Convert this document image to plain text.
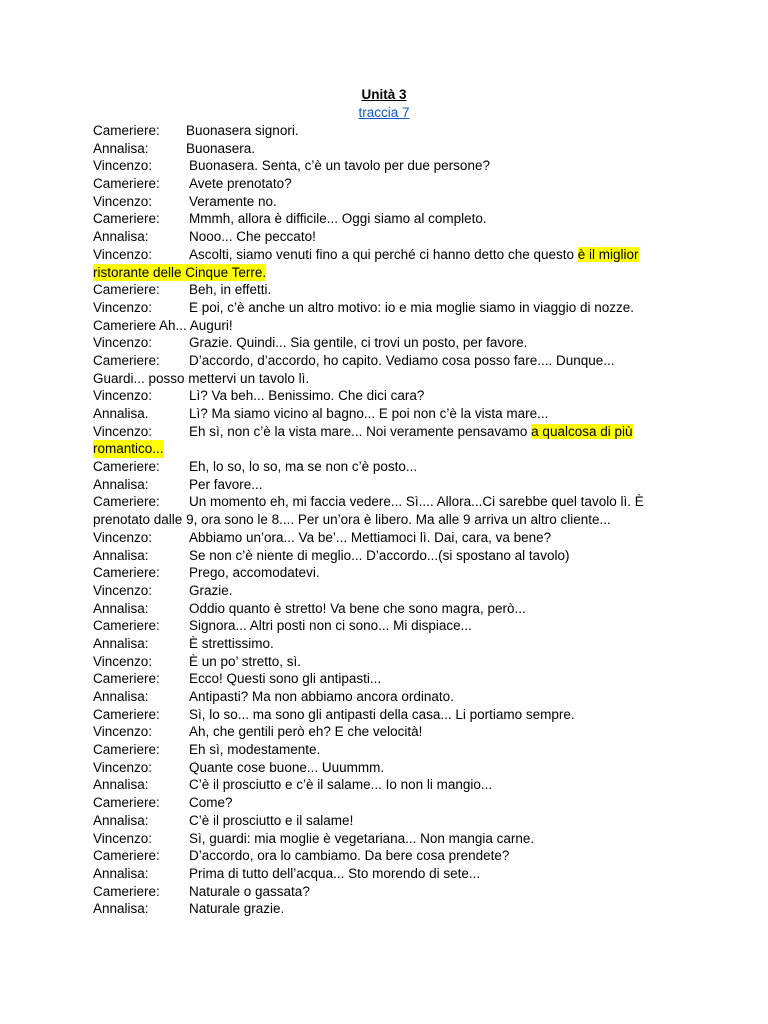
Unità 3
traccia 7
Cameriere:	Buonasera signori.
Annalisa:	Buonasera.
Vincenzo:	Buonasera. Senta, c’è un tavolo per due persone?
Cameriere:	Avete prenotato?
Vincenzo:	Veramente no.
Cameriere:	Mmmh, allora è difficile... Oggi siamo al completo.
Annalisa:	Nooo... Che peccato!
Vincenzo:	Ascolti, siamo venuti fino a qui perché ci hanno detto che questo è il miglior
ristorante delle Cinque Terre.
Cameriere:	Beh, in effetti.
Vincenzo:	E poi, c’è anche un altro motivo: io e mia moglie siamo in viaggio di nozze.
Cameriere Ah... Auguri!
Vincenzo:	Grazie. Quindi... Sia gentile, ci trovi un posto, per favore.
Cameriere:	D’accordo, d’accordo, ho capito. Vediamo cosa posso fare.... Dunque...
Guardi... posso mettervi un tavolo lì.
Vincenzo:	Lì? Va beh... Benissimo. Che dici cara?
Annalisa.	Lì? Ma siamo vicino al bagno... E poi non c’è la vista mare...
Vincenzo:	Eh sì, non c’è la vista mare... Noi veramente pensavamo a qualcosa di più
romantico...
Cameriere:	Eh, lo so, lo so, ma se non c’è posto...
Annalisa:	Per favore...
Cameriere:	Un momento eh, mi faccia vedere... Sì.... Allora...Ci sarebbe quel tavolo lì. È
prenotato dalle 9, ora sono le 8.... Per un’ora è libero. Ma alle 9 arriva un altro cliente...
Vincenzo:	Abbiamo un’ora... Va be’... Mettiamoci lì. Dai, cara, va bene?
Annalisa:	Se non c’è niente di meglio... D’accordo...(si spostano al tavolo)
Cameriere:	Prego, accomodatevi.
Vincenzo:	Grazie.
Annalisa:	Oddio quanto è stretto! Va bene che sono magra, però...
Cameriere:	Signora... Altri posti non ci sono... Mi dispiace...
Annalisa:	È strettissimo.
Vincenzo:	È un po’ stretto, sì.
Cameriere:	Ecco! Questi sono gli antipasti...
Annalisa:	Antipasti? Ma non abbiamo ancora ordinato.
Cameriere:	Sì, lo so... ma sono gli antipasti della casa... Li portiamo sempre.
Vincenzo:	Ah, che gentili però eh? E che velocità!
Cameriere:	Eh sì, modestamente.
Vincenzo:	Quante cose buone... Uuummm.
Annalisa:	C’è il prosciutto e c’è il salame... Io non li mangio...
Cameriere:	Come?
Annalisa:	C’è il prosciutto e il salame!
Vincenzo:	Sì, guardi: mia moglie è vegetariana... Non mangia carne.
Cameriere:	D’accordo, ora lo cambiamo. Da bere cosa prendete?
Annalisa:	Prima di tutto dell’acqua... Sto morendo di sete...
Cameriere:	Naturale o gassata?
Annalisa:	Naturale grazie.
